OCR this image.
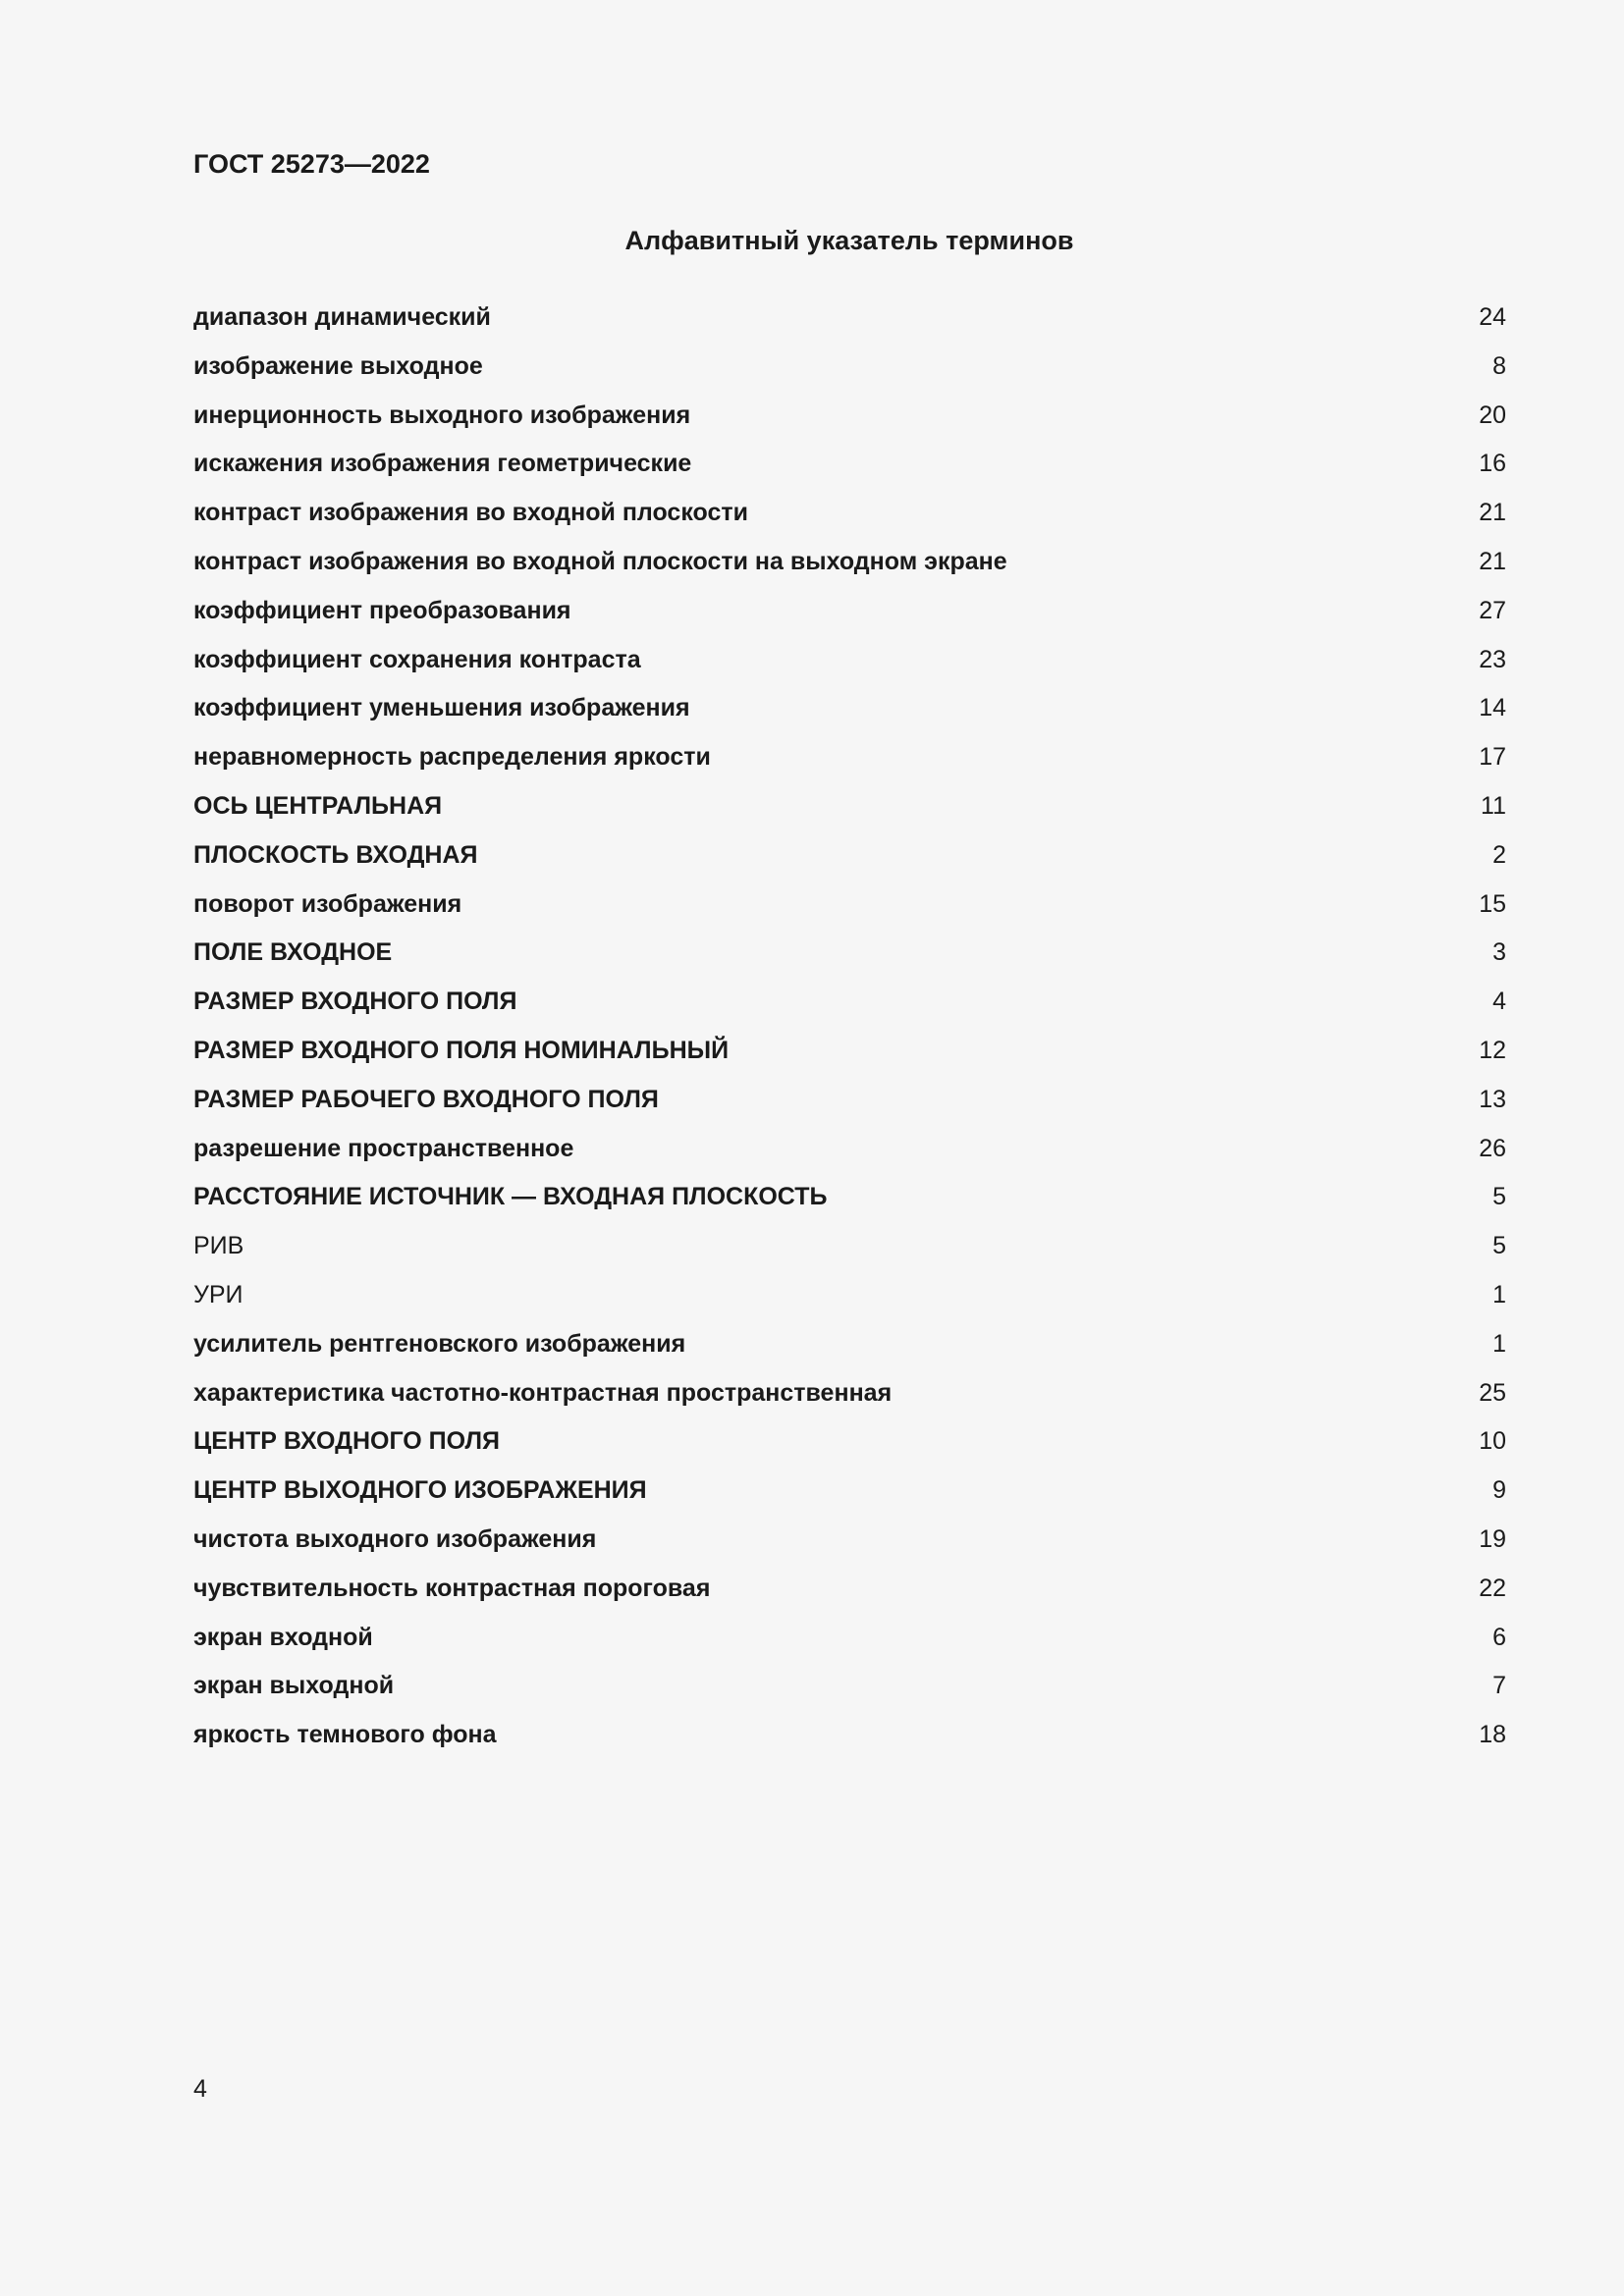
ГОСТ 25273—2022
Алфавитный указатель терминов
диапазон динамический	24
изображение выходное	8
инерционность выходного изображения	20
искажения изображения геометрические	16
контраст изображения во входной плоскости	21
контраст изображения во входной плоскости на выходном экране	21
коэффициент преобразования	27
коэффициент сохранения контраста	23
коэффициент уменьшения изображения	14
неравномерность распределения яркости	17
ОСЬ ЦЕНТРАЛЬНАЯ	11
ПЛОСКОСТЬ ВХОДНАЯ	2
поворот изображения	15
ПОЛЕ ВХОДНОЕ	3
РАЗМЕР ВХОДНОГО ПОЛЯ	4
РАЗМЕР ВХОДНОГО ПОЛЯ НОМИНАЛЬНЫЙ	12
РАЗМЕР РАБОЧЕГО ВХОДНОГО ПОЛЯ	13
разрешение пространственное	26
РАССТОЯНИЕ ИСТОЧНИК — ВХОДНАЯ ПЛОСКОСТЬ	5
РИВ	5
УРИ	1
усилитель рентгеновского изображения	1
характеристика частотно-контрастная пространственная	25
ЦЕНТР ВХОДНОГО ПОЛЯ	10
ЦЕНТР ВЫХОДНОГО ИЗОБРАЖЕНИЯ	9
чистота выходного изображения	19
чувствительность контрастная пороговая	22
экран входной	6
экран выходной	7
яркость темнового фона	18
4
